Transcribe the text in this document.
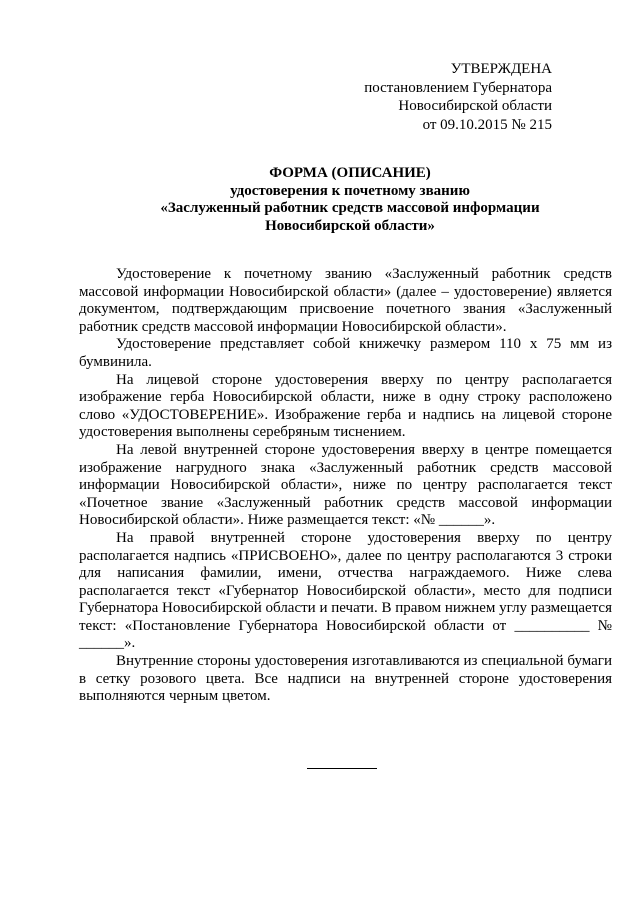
УТВЕРЖДЕНА
постановлением Губернатора
Новосибирской области
от 09.10.2015 № 215
ФОРМА (ОПИСАНИЕ)
удостоверения к почетному званию
«Заслуженный работник средств массовой информации
Новосибирской области»

Удостоверение к почетному званию «Заслуженный работник средств массовой информации Новосибирской области» (далее – удостоверение) является документом, подтверждающим присвоение почетного звания «Заслуженный работник средств массовой информации Новосибирской области».

Удостоверение представляет собой книжечку размером 110 х 75 мм из бумвинила.

На лицевой стороне удостоверения вверху по центру располагается изображение герба Новосибирской области, ниже в одну строку расположено слово «УДОСТОВЕРЕНИЕ». Изображение герба и надпись на лицевой стороне удостоверения выполнены серебряным тиснением.

На левой внутренней стороне удостоверения вверху в центре помещается изображение нагрудного знака «Заслуженный работник средств массовой информации Новосибирской области», ниже по центру располагается текст «Почетное звание «Заслуженный работник средств массовой информации Новосибирской области». Ниже размещается текст: «№ ______».

На правой внутренней стороне удостоверения вверху по центру располагается надпись «ПРИСВОЕНО», далее по центру располагаются 3 строки для написания фамилии, имени, отчества награждаемого. Ниже слева располагается текст «Губернатор Новосибирской области», место для подписи Губернатора Новосибирской области и печати. В правом нижнем углу размещается текст: «Постановление Губернатора Новосибирской области от __________ № ______».

Внутренние стороны удостоверения изготавливаются из специальной бумаги в сетку розового цвета. Все надписи на внутренней стороне удостоверения выполняются черным цветом.
